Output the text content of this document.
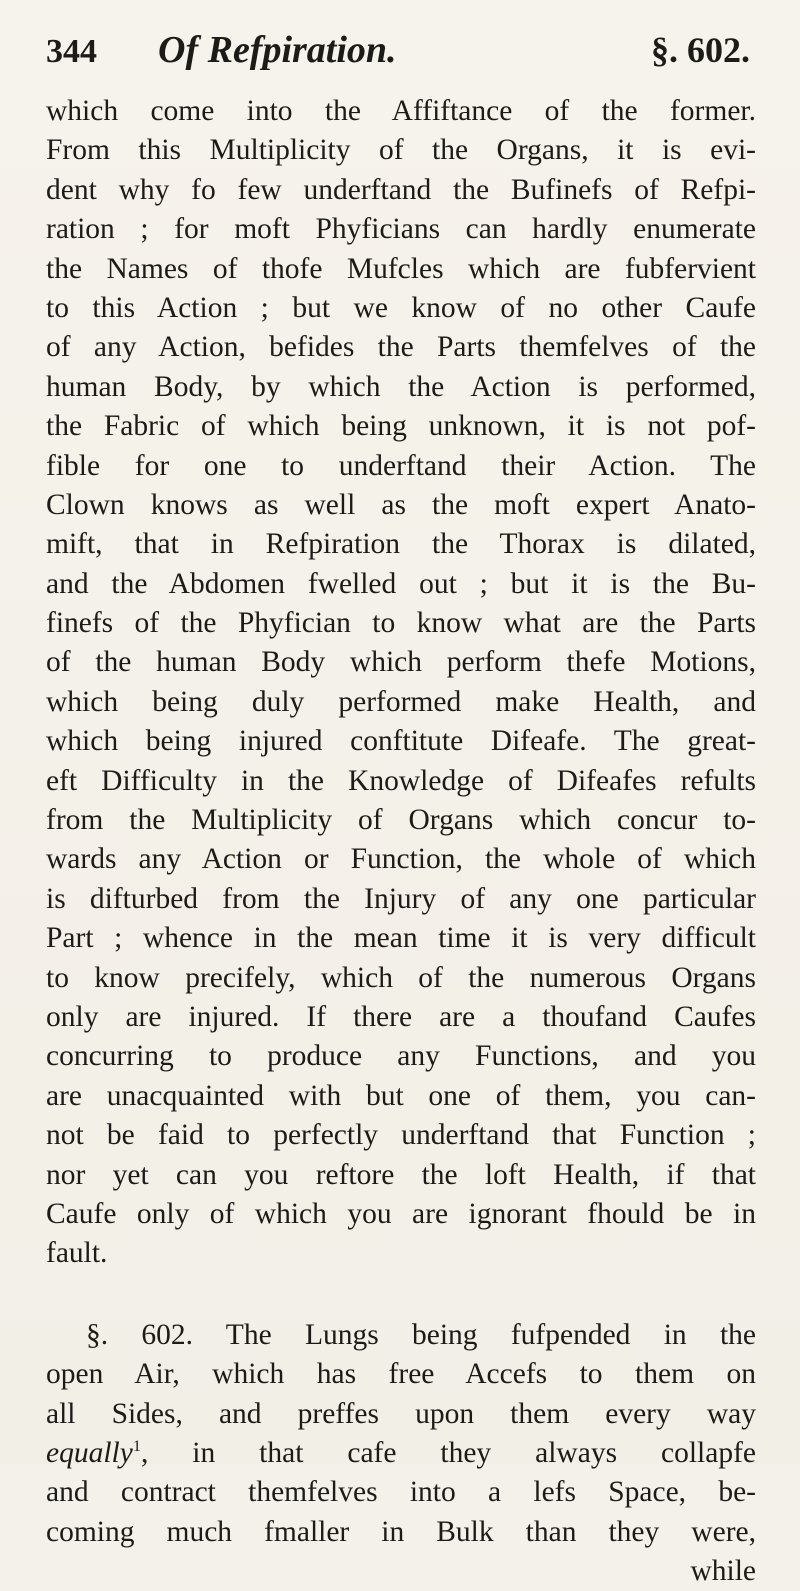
344	Of Refpiration.	§. 602.
which come into the Affiftance of the former.
From this Multiplicity of the Organs, it is evi-
dent why fo few underftand the Bufinefs of Refpi-
ration ; for moft Phyficians can hardly enumerate
the Names of thofe Mufcles which are fubfervient
to this Action ; but we know of no other Caufe
of any Action, befides the Parts themfelves of the
human Body, by which the Action is performed,
the Fabric of which being unknown, it is not pof-
fible for one to underftand their Action. The
Clown knows as well as the moft expert Anato-
mift, that in Refpiration the Thorax is dilated,
and the Abdomen fwelled out ; but it is the Bu-
finefs of the Phyfician to know what are the Parts
of the human Body which perform thefe Motions,
which being duly performed make Health, and
which being injured conftitute Difeafe. The great-
eft Difficulty in the Knowledge of Difeafes refults
from the Multiplicity of Organs which concur to-
wards any Action or Function, the whole of which
is difturbed from the Injury of any one particular
Part ; whence in the mean time it is very difficult
to know precifely, which of the numerous Organs
only are injured. If there are a thoufand Caufes
concurring to produce any Functions, and you
are unacquainted with but one of them, you can-
not be faid to perfectly underftand that Function ;
nor yet can you reftore the loft Health, if that
Caufe only of which you are ignorant fhould be in
fault.
§. 602. The Lungs being fufpended in the
open Air, which has free Accefs to them on
all Sides, and preffes upon them every way
equally$^1$, in that cafe they always collapfe
and contract themfelves into a lefs Space, be-
coming much fmaller in Bulk than they were,
while
